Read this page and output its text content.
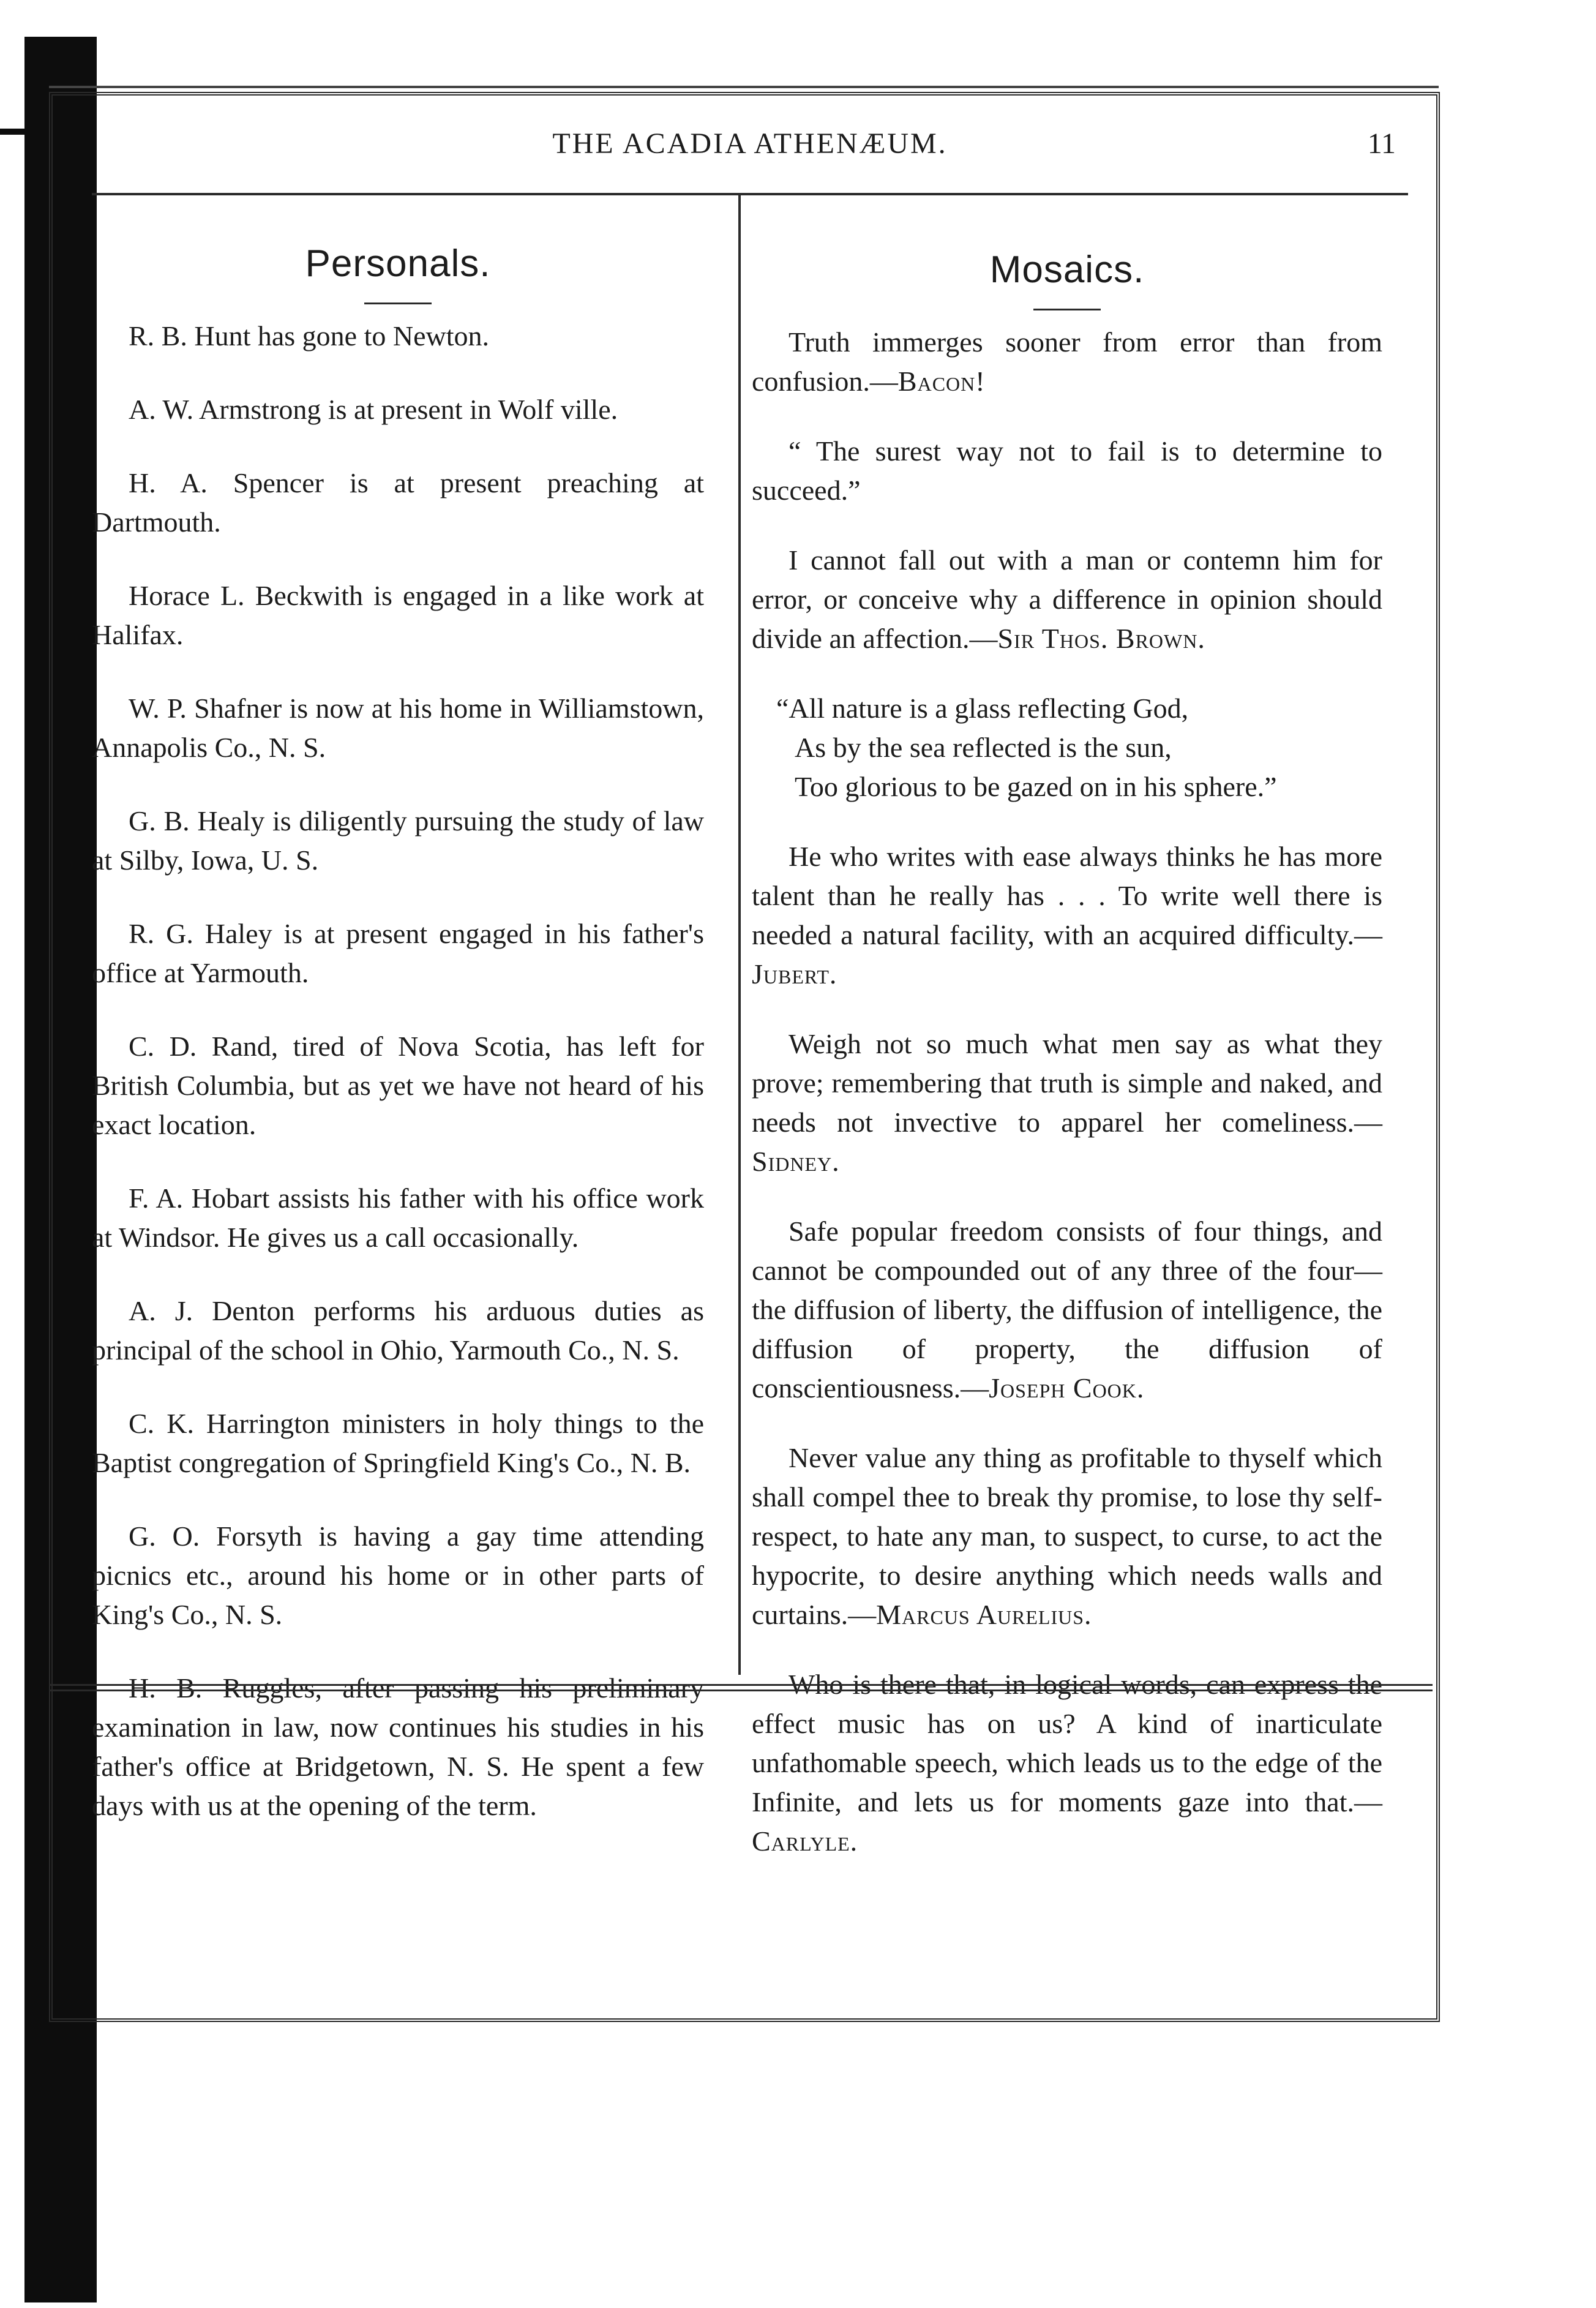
THE ACADIA ATHENÆUM.	11
Personals.

R. B. Hunt has gone to Newton.

A. W. Armstrong is at present in Wolf ville.

H. A. Spencer is at present preaching at Dartmouth.

Horace L. Beckwith is engaged in a like work at Halifax.

W. P. Shafner is now at his home in Williamstown, Annapolis Co., N. S.

G. B. Healy is diligently pursuing the study of law at Silby, Iowa, U. S.

R. G. Haley is at present engaged in his father's office at Yarmouth.

C. D. Rand, tired of Nova Scotia, has left for British Columbia, but as yet we have not heard of his exact location.

F. A. Hobart assists his father with his office work at Windsor. He gives us a call occasionally.

A. J. Denton performs his arduous duties as principal of the school in Ohio, Yarmouth Co., N. S.

C. K. Harrington ministers in holy things to the Baptist congregation of Springfield King's Co., N. B.

G. O. Forsyth is having a gay time attending picnics etc., around his home or in other parts of King's Co., N. S.

H. B. Ruggles, after passing his preliminary examination in law, now continues his studies in his father's office at Bridgetown, N. S. He spent a few days with us at the opening of the term.

Mosaics.

Truth immerges sooner from error than from confusion.—Bacon!

“ The surest way not to fail is to determine to succeed.”

I cannot fall out with a man or contemn him for error, or conceive why a difference in opinion should divide an affection.—Sir Thos. Brown.

“All nature is a glass reflecting God,
As by the sea reflected is the sun,
Too glorious to be gazed on in his sphere.”

He who writes with ease always thinks he has more talent than he really has . . . To write well there is needed a natural facility, with an acquired difficulty.—Jubert.

Weigh not so much what men say as what they prove; remembering that truth is simple and naked, and needs not invective to apparel her comeliness.—Sidney.

Safe popular freedom consists of four things, and cannot be compounded out of any three of the four—the diffusion of liberty, the diffusion of intelligence, the diffusion of property, the diffusion of conscientiousness.—Joseph Cook.

Never value any thing as profitable to thyself which shall compel thee to break thy promise, to lose thy self-respect, to hate any man, to suspect, to curse, to act the hypocrite, to desire anything which needs walls and curtains.—Marcus Aurelius.

Who is there that, in logical words, can express the effect music has on us? A kind of inarticulate unfathomable speech, which leads us to the edge of the Infinite, and lets us for moments gaze into that.—Carlyle.
